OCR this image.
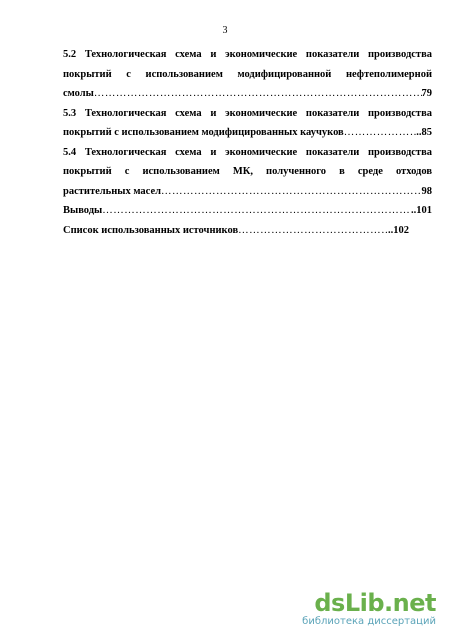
3
5.2 Технологическая схема и экономические показатели производства
покрытий с использованием модифицированной нефтеполимерной
смолы …………………………………………………………………………………………………………………………………………………………	79
5.3 Технологическая схема и экономические показатели производства
покрытий с использованием модифицированных каучуков …………………………………………………………………………………………………………………………………………………………	..85
5.4 Технологическая схема и экономические показатели производства
покрытий с использованием МК, полученного в среде отходов
растительных масел …………………………………………………………………………………………………………………………………………………………	98
Выводы …………………………………………………………………………………………………………………………………………………………	..101
Список использованных источников …………………………………………………………………………………………………………………………………………………………	..102
dsLib.net
библиотека диссертаций
